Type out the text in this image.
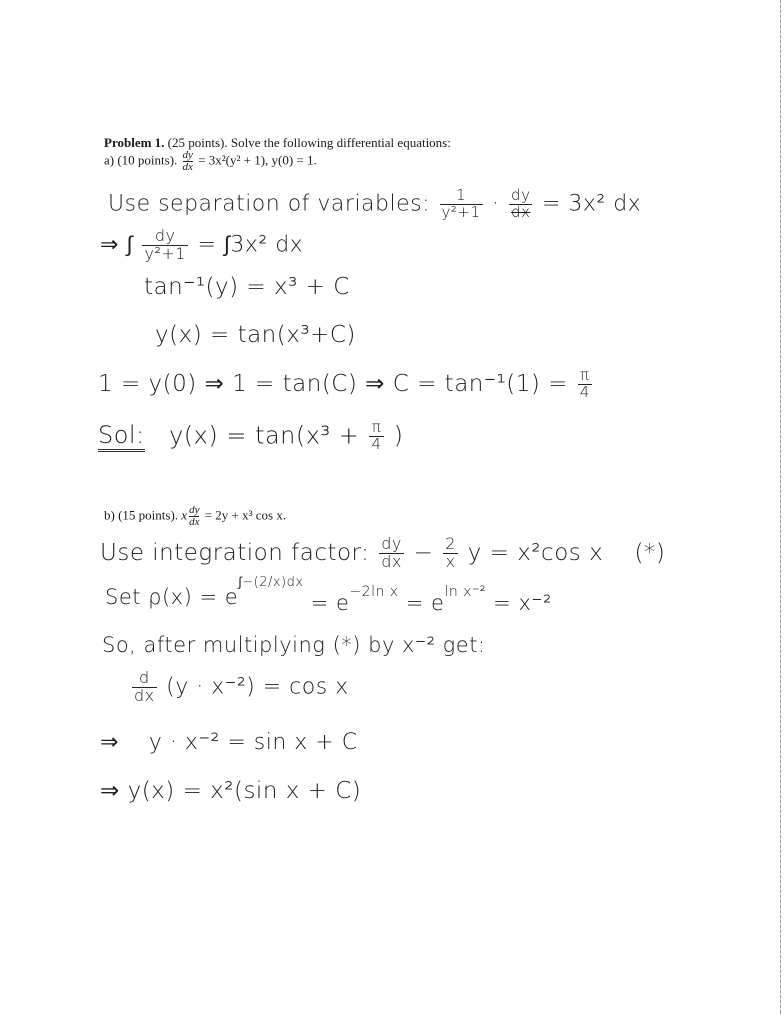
Problem 1. (25 points). Solve the following differential equations:
a) (10 points). $\frac{dy}{dx} = 3x^2(y^2 + 1)$, y(0) = 1.
Use separation of variables: $\frac{1}{\text{y²+1}} \cdot \frac{dy}{dx} = 3x^2$ dx
⇒ ∫ $\frac{dy}{\text{y²+1}} = \int 3x^2$ dx
tan⁻¹(y) = x³ + C
y(x) = tan(x³+C)
1 = y(0) ⇒ 1 = tan(C) ⇒ $C = \tan^{-1}(1) = \frac{\pi}{4}$
Sol: $y(x) = \tan(x^3 + \frac{\pi}{4}$ )
b) (15 points). x $\frac{dy}{dx} = 2y + x^3$ cos x.
Use integration factor: $\frac{dy}{dx} - \frac{2}{x}$ y = x²cos x (*)
Set $\rho(x) = e^{\int-(2/x)dx} = e^{-2ln x} = e^{ln x^{-2}} = x^{-2}$
So, after multiplying (*) by x⁻² get:
$\frac{d}{dx} (y \cdot x^{-2}) = \cos x$
⇒ y · x⁻² = sin x + C
⇒ y(x) = x²(sin x + C)
